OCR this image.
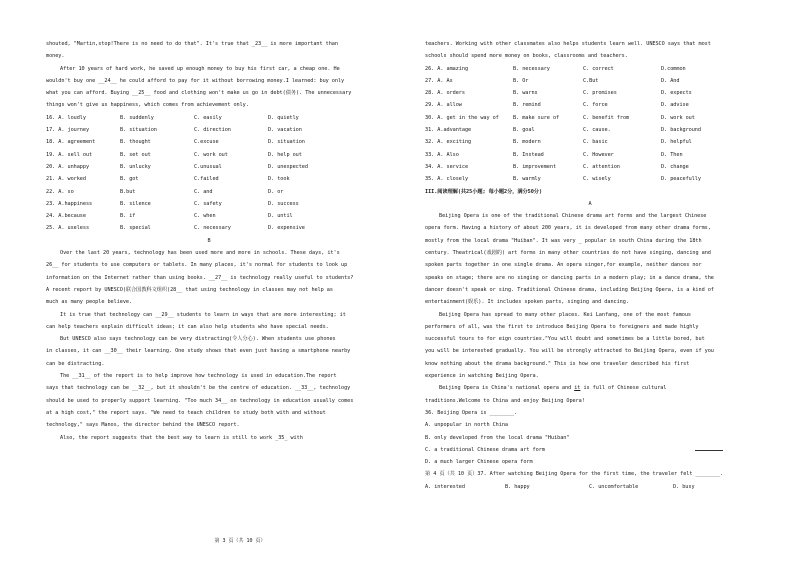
shouted, "Martin,stop!There is no need to do that". It's true that _23__ is more important than

money.

After 10 years of hard work, he saved up enough money to buy his first car, a cheap one. He

wouldn't buy one __24__ he could afford to pay for it without borrowing money.I learned: buy only

what you can afford. Buying __25__ food and clothing won't make us go in debt(债务). The unnecessary

things won't give us happiness, which comes from achievement only.

16. A. loudly	B. suddenly	C. easily	D. quietly
17. A. journey	B. situation	C. direction	D. vacation
18. A. agreement	B. thought	C.excuse	D. situation
19. A. sell out	B. set out	C. work out	D. help out
20. A. unhappy	B. unlucky	C.unusual	D. unexpected
21. A. worked	B. got	C.failed	D. took
22. A. so	B.but	C. and	D. or
23. A.happiness	B. silence	C. safety	D. success
24. A.because	B. if	C. when	D. until
25. A. useless	B. special	C. necessary	D. expensive

B

Over the last 20 years, technology has been used more and more in schools. These days, it's

26__ for students to use computers or tablets. In many places, it's normal for students to look up

information on the Internet rather than using books. __27__ is technology really useful to students?

A recent report by UNESCO(联合国教科文组织)28__ that using technology in classes may not help as

much as many people believe.

It is true that technology can __29__ students to learn in ways that are more interesting; it

can help teachers explain difficult ideas; it can also help students who have special needs.

But UNESCO also says technology can be very distracting(令人分心). When students use phones

in classes, it can __30__ their learning. One study shows that even just having a smartphone nearby

can be distracting.

The __31__ of the report is to help improve how technology is used in education.The report

says that technology can be __32__, but it shouldn't be the centre of education. __33__, technology

should be used to properly support learning. "Too much 34__ on technology in education usually comes

at a high cost," the report says. "We need to teach children to study both with and without

technology," says Manos, the director behind the UNESCO report.

Also, the report suggests that the best way to learn is still to work _35_ with

第 3 页（共 10 页）

teachers. Working with other classmates also helps students learn well. UNESCO says that most

schools should spend more money on books, classrooms and teachers.

26. A. amazing	B. necessary	C. correct	D.common
27. A. As	B. Or	C.But	D. And
28. A. orders	B. warns	C. promises	D. expects
29. A. allow	B. remind	C. force	D. advise
30. A. get in the way of	B. make sure of	C. benefit from	D. work out
31. A.advantage	B. goal	C. cause.	D. background
32. A. exciting	B. modern	C. basic	D. helpful
33. A. Also	B. Instead	C. However	D. Then
34. A. service	B. improvement	C. attention	D. change
35. A. closely	B. warmly	C. wisely	D. peacefully

III.阅读理解(共25小题; 每小题2分，满分50分)

A

Beijing Opera is one of the traditional Chinese drama art forms and the largest Chinese

opera form. Having a history of about 200 years, it is developed from many other drama forms,

mostly from the local drama "Huiban". It was very _ popular in south China during the 18th

century. Theatrical(戏剧的) art forms in many other countries do not have singing, dancing and

spoken parts together in one single drama. An opera singer,for example, neither dances nor

speaks on stage; there are no singing or dancing parts in a modern play; in a dance drama, the

dancer doesn't speak or sing. Traditional Chinese drama, including Beijing Opera, is a kind of

entertainment(娱乐). It includes spoken parts, singing and dancing.

Beijing Opera has spread to many other places. Kei Lanfang, one of the most famous

performers of all, was the first to introduce Beijing Opera to foreigners and made highly

successful tours to for eign countries."You will doubt and sometimes be a little bored, but

you will be interested gradually. You will be strongly attracted to Beijing Opera, even if you

know nothing about the drama background." This is how one traveler described his first

experience in watching Beijing Opera.

Beijing Opera is China's national opera and it is full of Chinese cultural

traditions.Welcome to China and enjoy Beijing Opera!

36. Beijing Opera is ________.

A. unpopular in north China

B. only developed from the local drama "Huiban"

C. a traditional Chinese drama art form

D. a much larger Chinese opera form

第 4 页（共 10 页）37. After watching Beijing Opera for the first time, the traveler felt ________.

A. interested	B. happy	C. uncomfortable	D. busy
